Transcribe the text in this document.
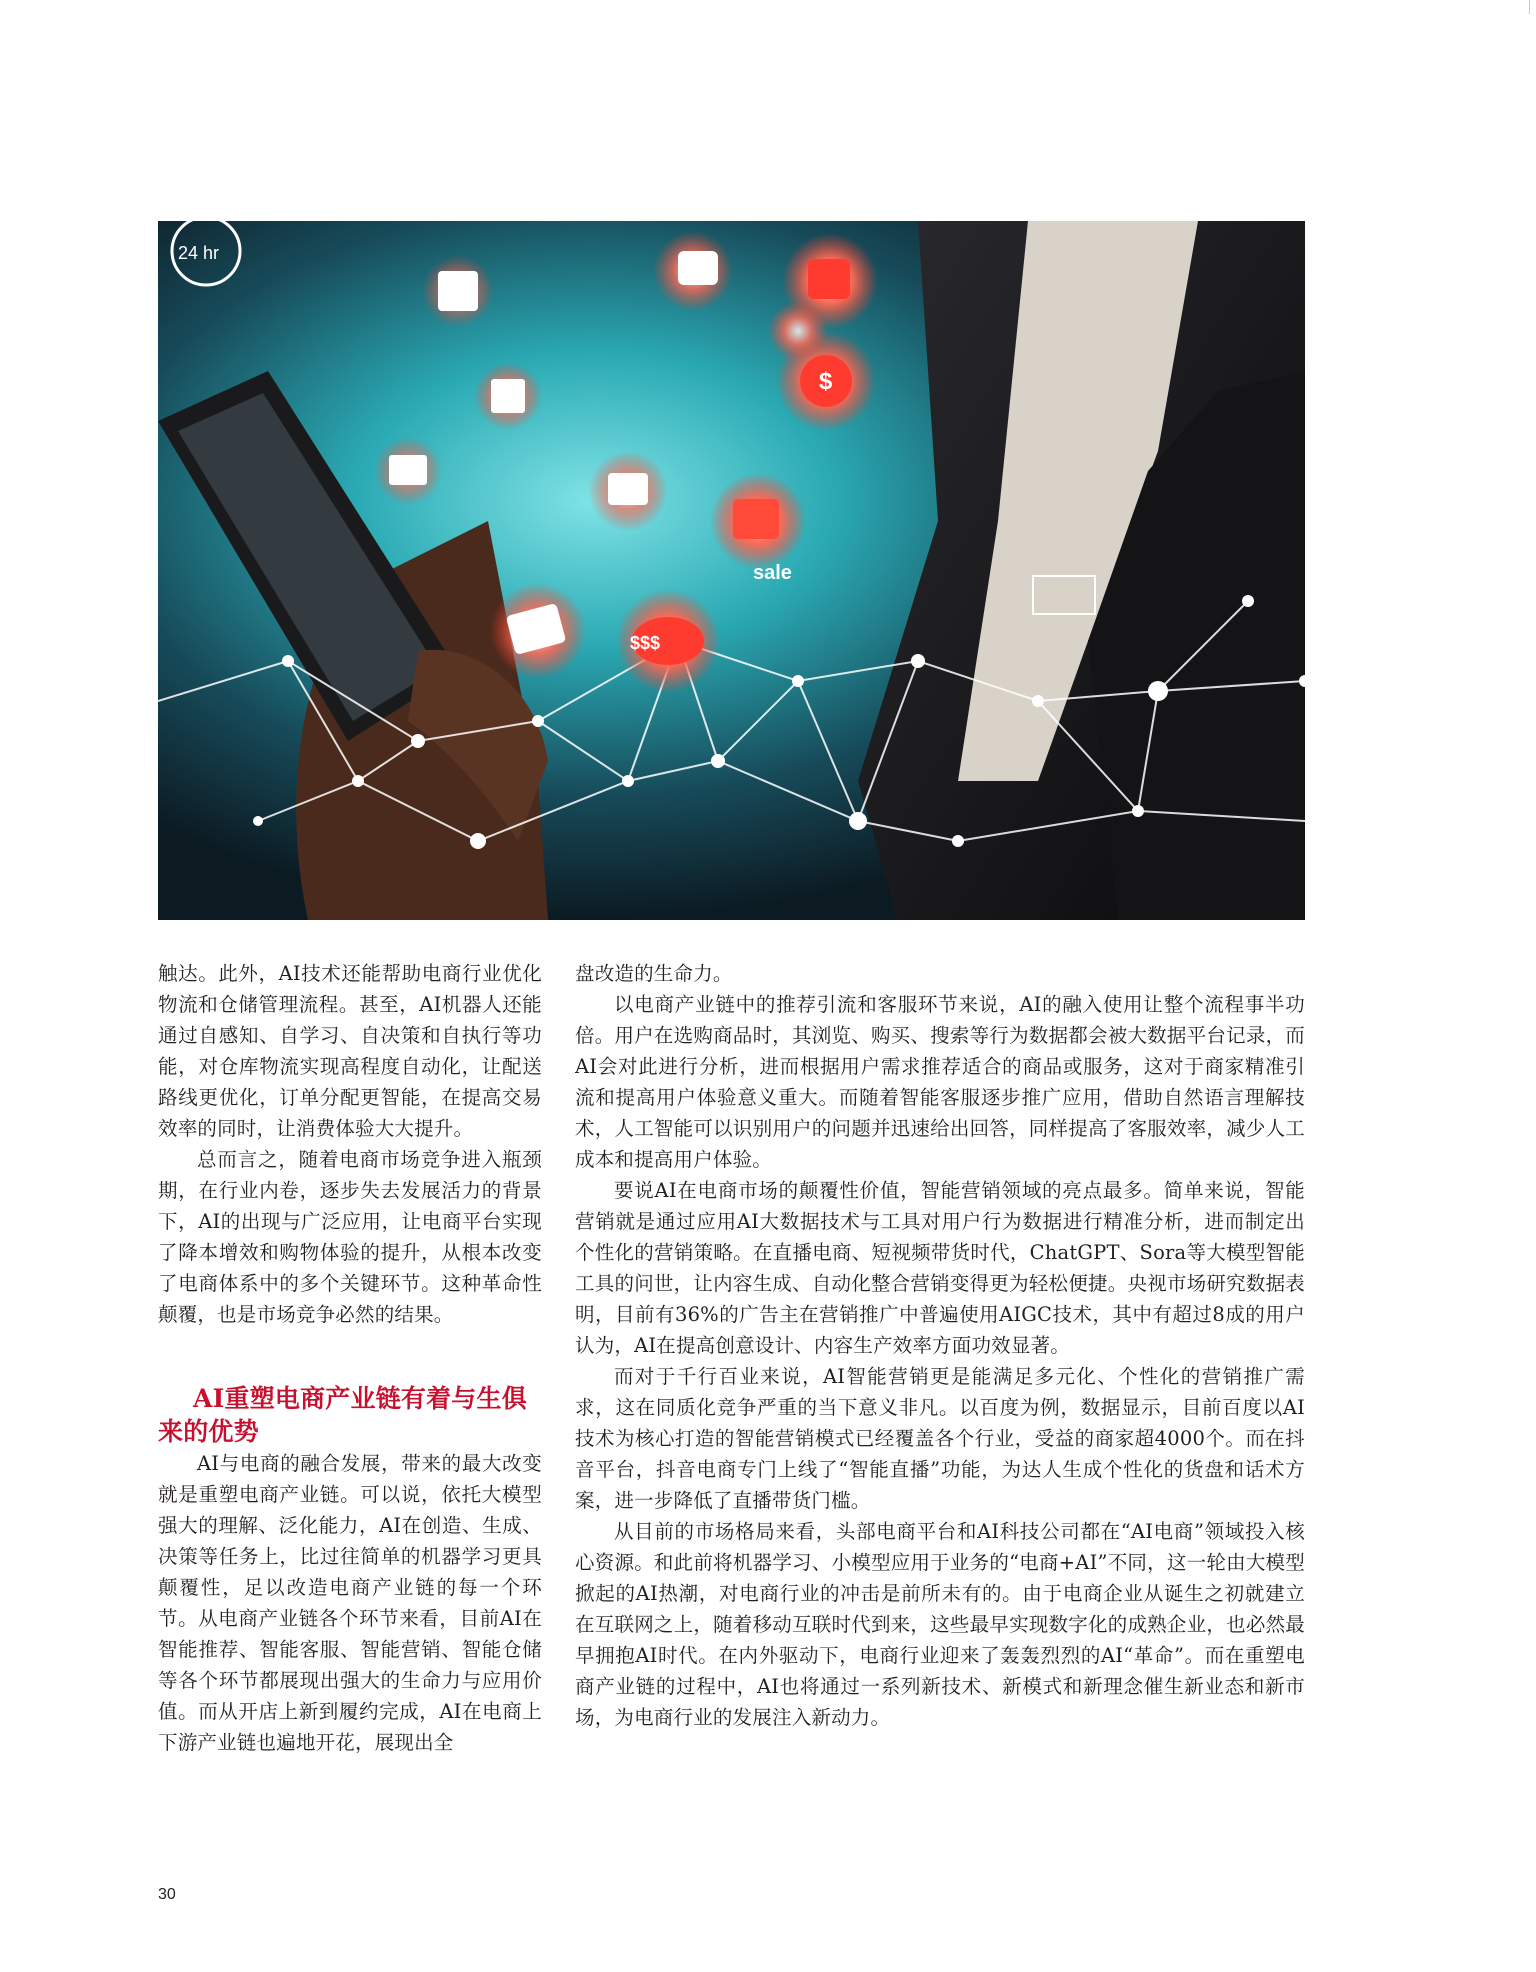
24 hr
sale
$
$$$

触达。此外，AI技术还能帮助电商行业优化物流和仓储管理流程。甚至，AI机器人还能通过自感知、自学习、自决策和自执行等功能，对仓库物流实现高程度自动化，让配送路线更优化，订单分配更智能，在提高交易效率的同时，让消费体验大大提升。

总而言之，随着电商市场竞争进入瓶颈期，在行业内卷，逐步失去发展活力的背景下，AI的出现与广泛应用，让电商平台实现了降本增效和购物体验的提升，从根本改变了电商体系中的多个关键环节。这种革命性颠覆，也是市场竞争必然的结果。

AI重塑电商产业链有着与生俱来的优势

AI与电商的融合发展，带来的最大改变就是重塑电商产业链。可以说，依托大模型强大的理解、泛化能力，AI在创造、生成、决策等任务上，比过往简单的机器学习更具颠覆性，足以改造电商产业链的每一个环节。从电商产业链各个环节来看，目前AI在智能推荐、智能客服、智能营销、智能仓储等各个环节都展现出强大的生命力与应用价值。而从开店上新到履约完成，AI在电商上下游产业链也遍地开花，展现出全

盘改造的生命力。

以电商产业链中的推荐引流和客服环节来说，AI的融入使用让整个流程事半功倍。用户在选购商品时，其浏览、购买、搜索等行为数据都会被大数据平台记录，而AI会对此进行分析，进而根据用户需求推荐适合的商品或服务，这对于商家精准引流和提高用户体验意义重大。而随着智能客服逐步推广应用，借助自然语言理解技术，人工智能可以识别用户的问题并迅速给出回答，同样提高了客服效率，减少人工成本和提高用户体验。

要说AI在电商市场的颠覆性价值，智能营销领域的亮点最多。简单来说，智能营销就是通过应用AI大数据技术与工具对用户行为数据进行精准分析，进而制定出个性化的营销策略。在直播电商、短视频带货时代，ChatGPT、Sora等大模型智能工具的问世，让内容生成、自动化整合营销变得更为轻松便捷。央视市场研究数据表明，目前有36%的广告主在营销推广中普遍使用AIGC技术，其中有超过8成的用户认为，AI在提高创意设计、内容生产效率方面功效显著。

而对于千行百业来说，AI智能营销更是能满足多元化、个性化的营销推广需求，这在同质化竞争严重的当下意义非凡。以百度为例，数据显示，目前百度以AI技术为核心打造的智能营销模式已经覆盖各个行业，受益的商家超4000个。而在抖音平台，抖音电商专门上线了“智能直播”功能，为达人生成个性化的货盘和话术方案，进一步降低了直播带货门槛。

从目前的市场格局来看，头部电商平台和AI科技公司都在“AI电商”领域投入核心资源。和此前将机器学习、小模型应用于业务的“电商+AI”不同，这一轮由大模型掀起的AI热潮，对电商行业的冲击是前所未有的。由于电商企业从诞生之初就建立在互联网之上，随着移动互联时代到来，这些最早实现数字化的成熟企业，也必然最早拥抱AI时代。在内外驱动下，电商行业迎来了轰轰烈烈的AI“革命”。而在重塑电商产业链的过程中，AI也将通过一系列新技术、新模式和新理念催生新业态和新市场，为电商行业的发展注入新动力。

30
